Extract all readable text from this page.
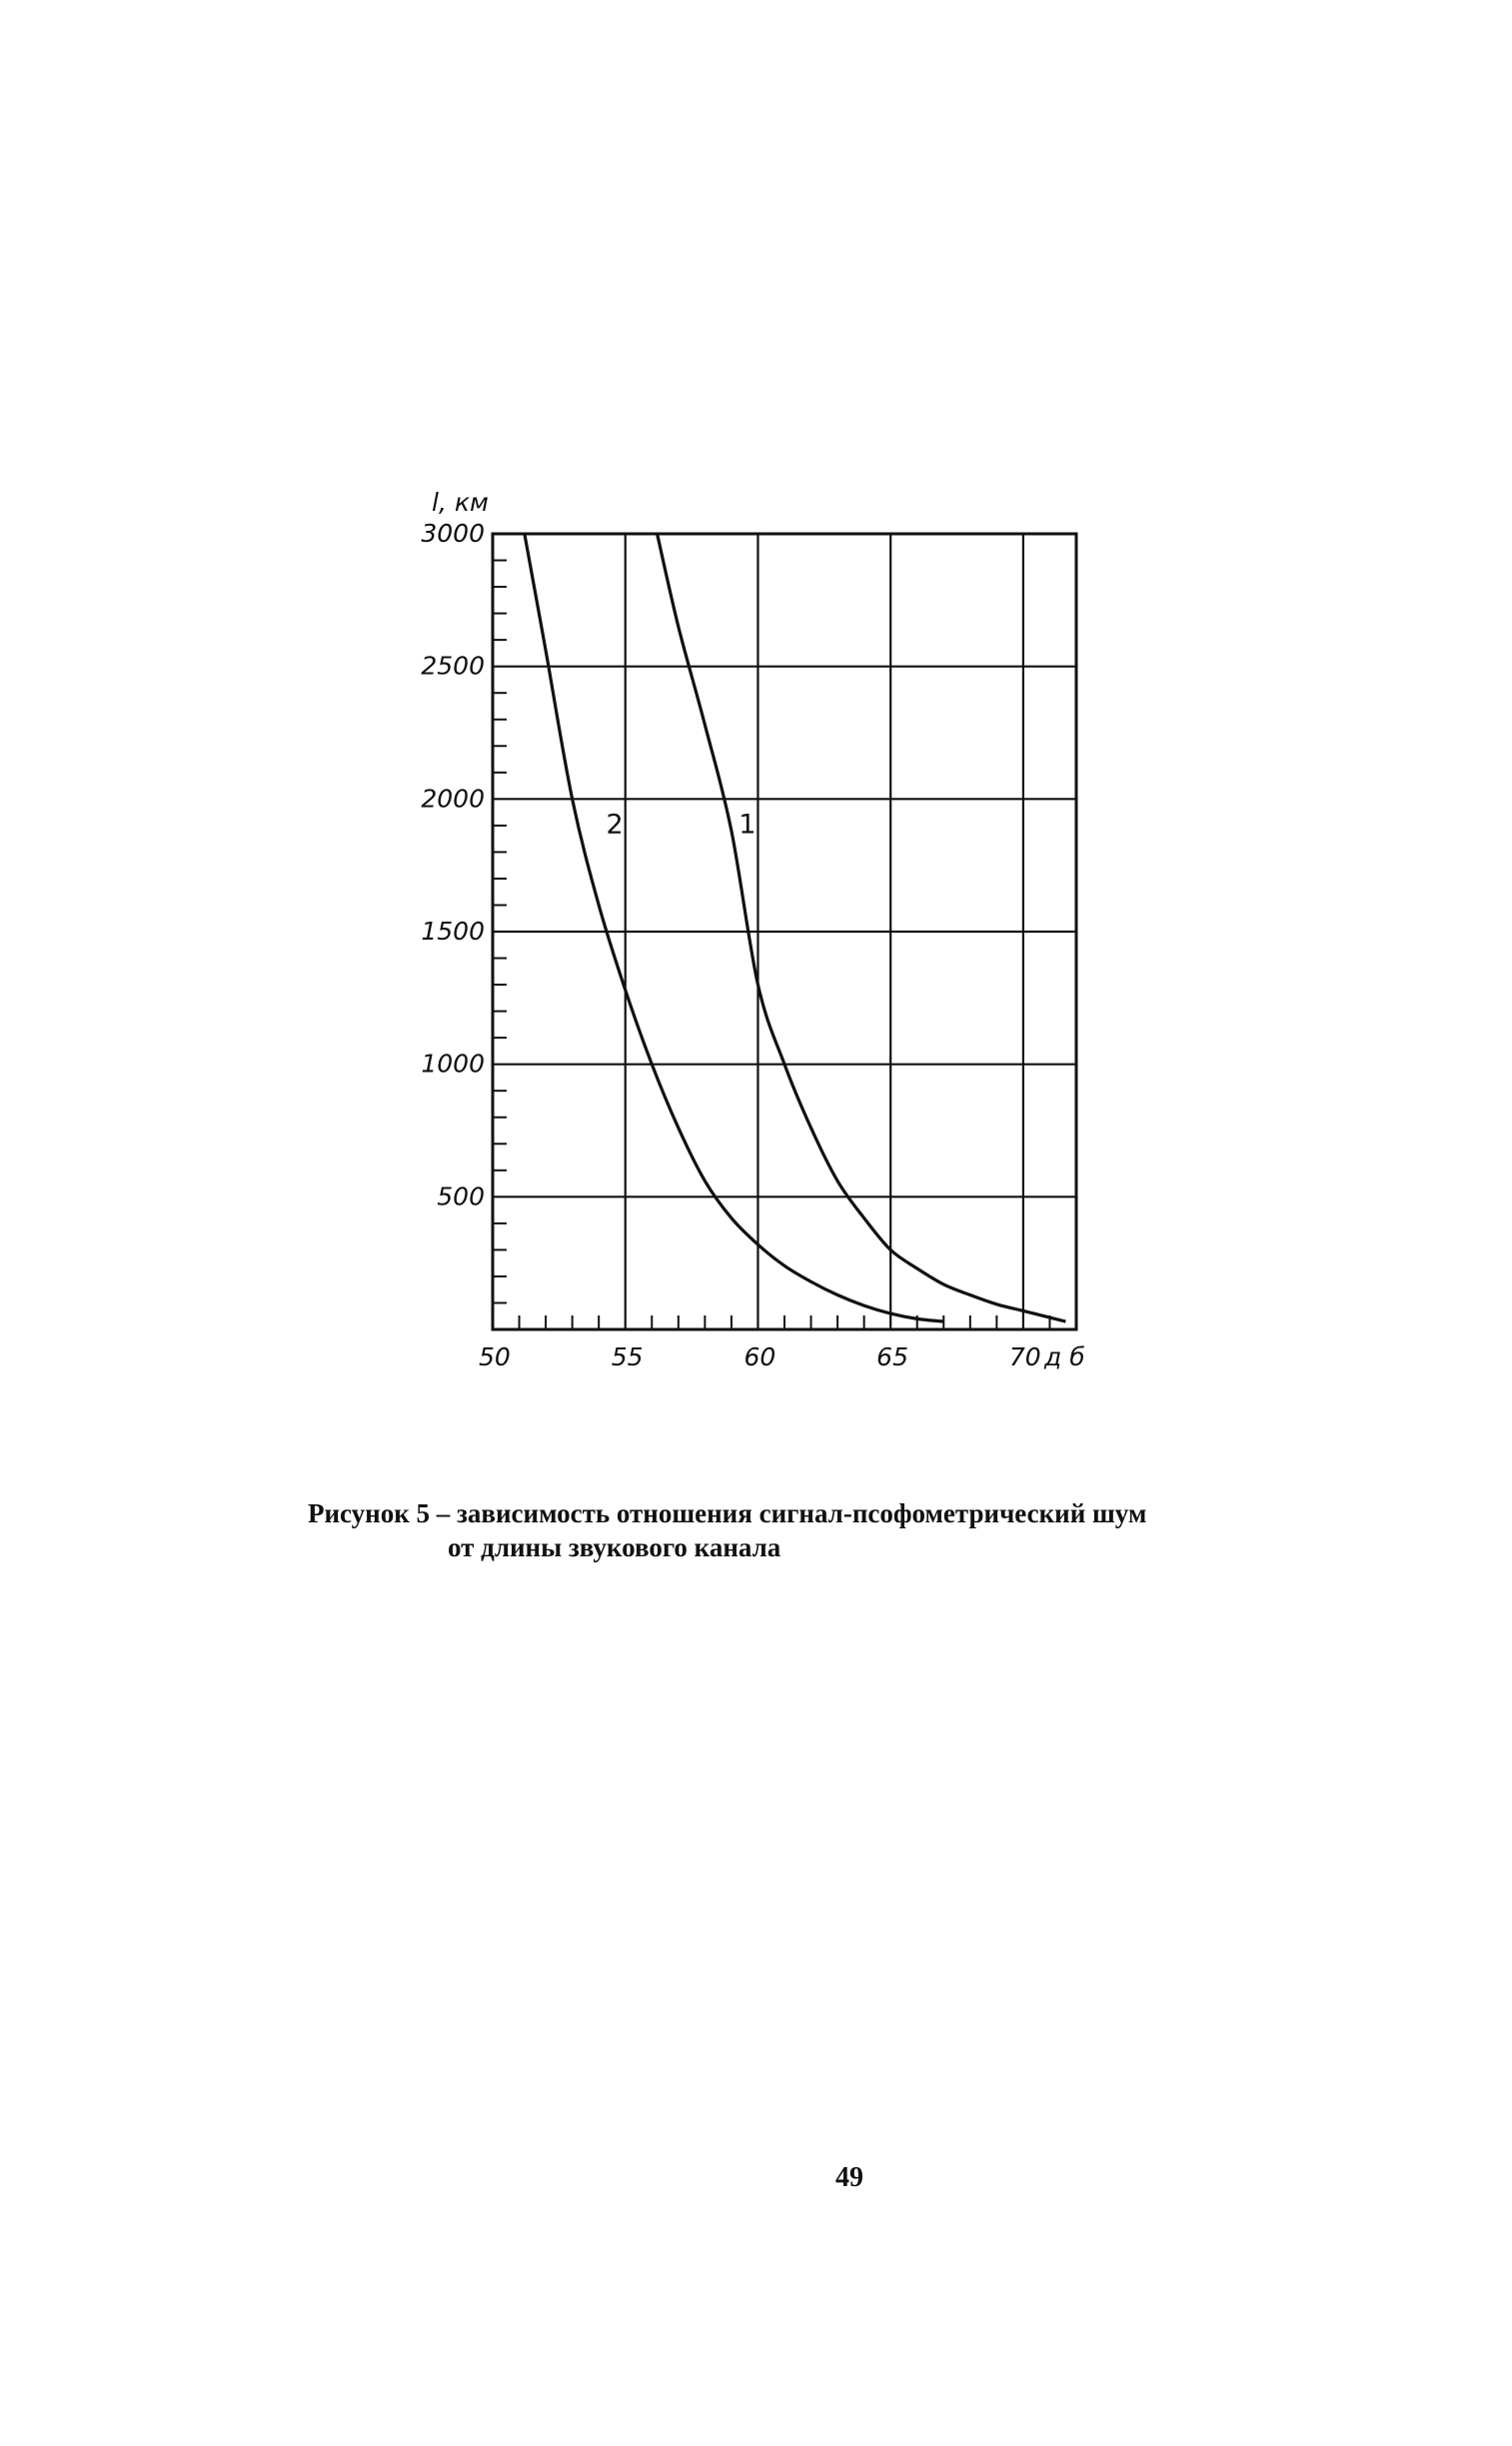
l, км
д б
50	55	60	65	70
500
1000
1500
2000
2500
3000
1
2
Рисунок 5 – зависимость отношения сигнал-псофометрический шум
от длины звукового канала
49
